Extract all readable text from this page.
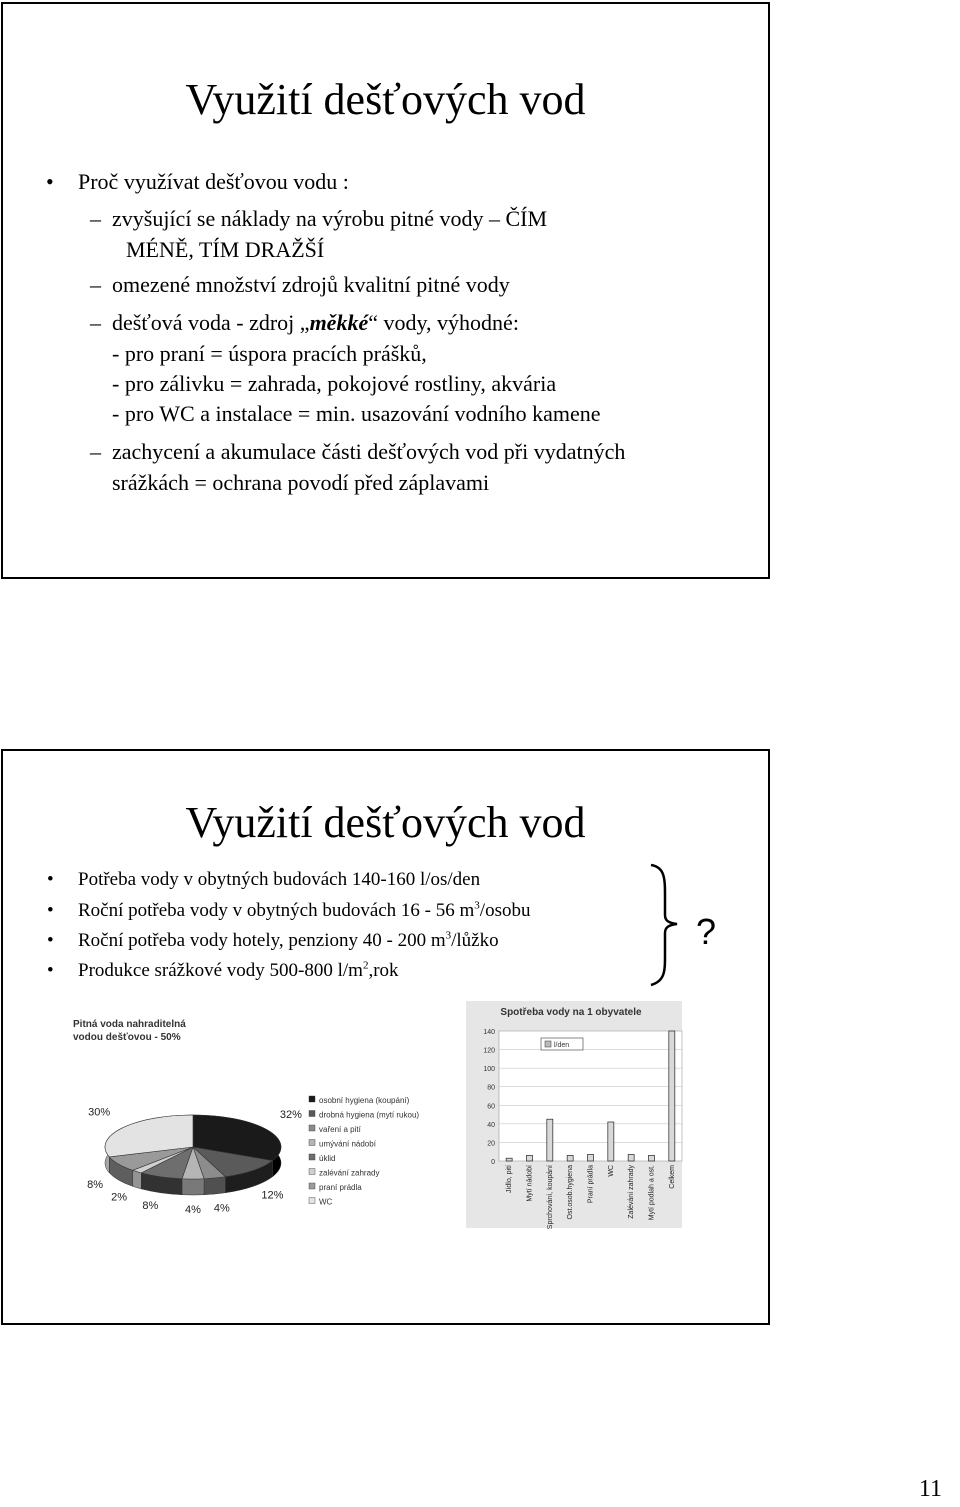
Využití dešťových vod
• Proč využívat dešťovou vodu :
– zvyšující se náklady na výrobu pitné vody – ČÍM
MÉNĚ, TÍM DRAŽŠÍ
– omezené množství zdrojů kvalitní pitné vody
– dešťová voda - zdroj „měkké“ vody, výhodné:
- pro praní = úspora pracích prášků,
- pro zálivku = zahrada, pokojové rostliny, akvária
- pro WC a instalace = min. usazování vodního kamene
– zachycení a akumulace části dešťových vod při vydatných
srážkách = ochrana povodí před záplavami
Využití dešťových vod
• Potřeba vody v obytných budovách 140-160 l/os/den
• Roční potřeba vody v obytných budovách 16 - 56 $m^3$/osobu
• Roční potřeba vody hotely, penziony 40 - 200 $m^3$/lůžko
• Produkce srážkové vody 500-800 $l/m^2,rok$
?
Pitná voda nahraditelná
vodou dešťovou - 50%
32%
12%
4%
4%
8%
2%
8%
30%
osobní hygiena (koupání)
drobná hygiena (mytí rukou)
vaření a pití
umývání nádobí
úklid
zalévání zahrady
praní prádla
WC
Spotřeba vody na 1 obyvatele
0
20
40
60
80
100
120
140
Jídlo, pití Mytí nádobí Sprchování, koupání Ost.osob.hygiena Praní prádla WC Zalévání zahrady Mytí podlah a ost. Celkem
l/den
11
